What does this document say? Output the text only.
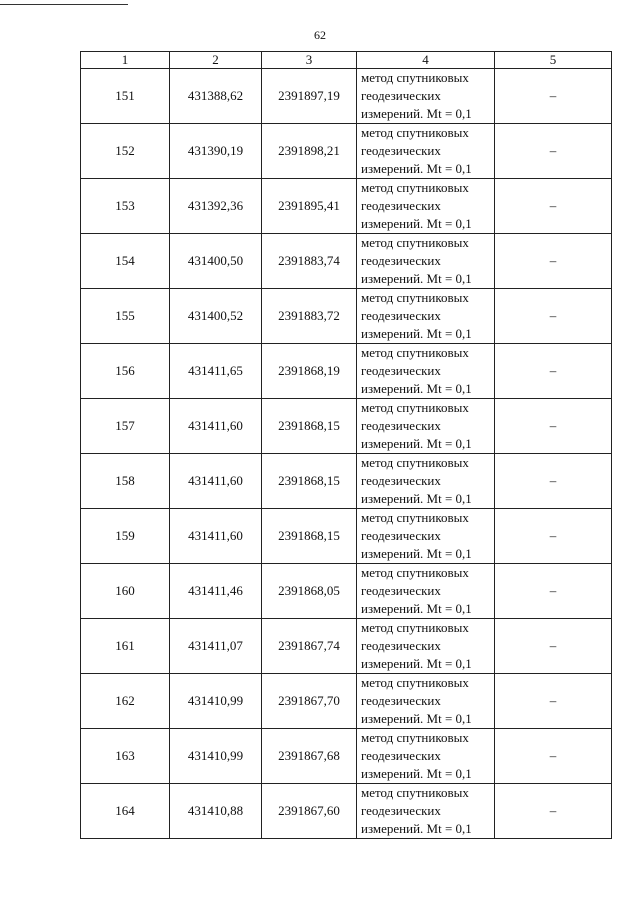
62
1	2	3	4	5
151	431388,62	2391897,19	метод спутниковых
геодезических
измерений. Mt = 0,1	–
152	431390,19	2391898,21	метод спутниковых
геодезических
измерений. Mt = 0,1	–
153	431392,36	2391895,41	метод спутниковых
геодезических
измерений. Mt = 0,1	–
154	431400,50	2391883,74	метод спутниковых
геодезических
измерений. Mt = 0,1	–
155	431400,52	2391883,72	метод спутниковых
геодезических
измерений. Mt = 0,1	–
156	431411,65	2391868,19	метод спутниковых
геодезических
измерений. Mt = 0,1	–
157	431411,60	2391868,15	метод спутниковых
геодезических
измерений. Mt = 0,1	–
158	431411,60	2391868,15	метод спутниковых
геодезических
измерений. Mt = 0,1	–
159	431411,60	2391868,15	метод спутниковых
геодезических
измерений. Mt = 0,1	–
160	431411,46	2391868,05	метод спутниковых
геодезических
измерений. Mt = 0,1	–
161	431411,07	2391867,74	метод спутниковых
геодезических
измерений. Mt = 0,1	–
162	431410,99	2391867,70	метод спутниковых
геодезических
измерений. Mt = 0,1	–
163	431410,99	2391867,68	метод спутниковых
геодезических
измерений. Mt = 0,1	–
164	431410,88	2391867,60	метод спутниковых
геодезических
измерений. Mt = 0,1	–
